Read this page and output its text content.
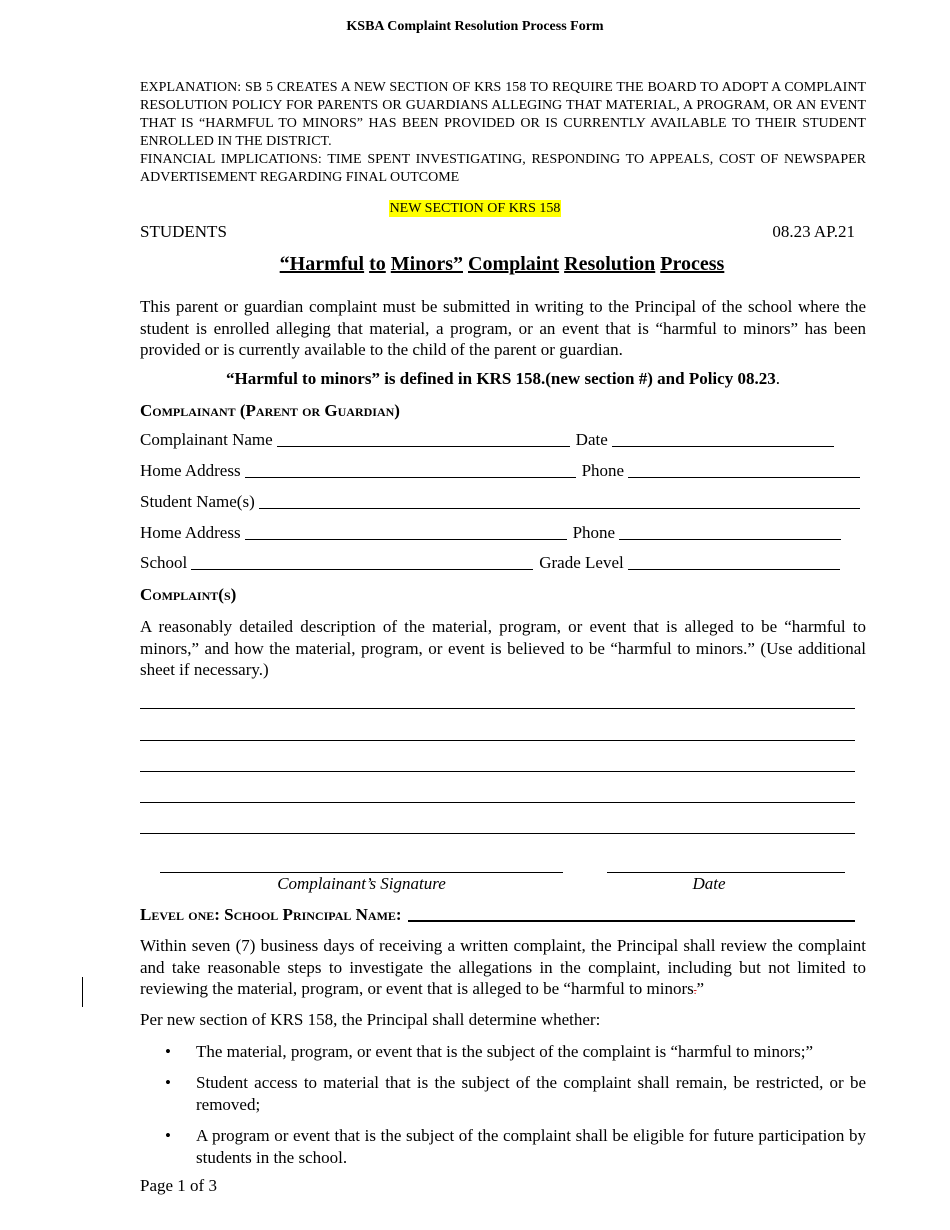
KSBA Complaint Resolution Process Form
EXPLANATION: SB 5 CREATES A NEW SECTION OF KRS 158 TO REQUIRE THE BOARD TO ADOPT A COMPLAINT RESOLUTION POLICY FOR PARENTS OR GUARDIANS ALLEGING THAT MATERIAL, A PROGRAM, OR AN EVENT THAT IS “HARMFUL TO MINORS” HAS BEEN PROVIDED OR IS CURRENTLY AVAILABLE TO THEIR STUDENT ENROLLED IN THE DISTRICT.
FINANCIAL IMPLICATIONS: TIME SPENT INVESTIGATING, RESPONDING TO APPEALS, COST OF NEWSPAPER ADVERTISEMENT REGARDING FINAL OUTCOME
NEW SECTION OF KRS 158
STUDENTS	08.23 AP.21
“Harmful to Minors” Complaint Resolution Process
This parent or guardian complaint must be submitted in writing to the Principal of the school where the student is enrolled alleging that material, a program, or an event that is “harmful to minors” has been provided or is currently available to the child of the parent or guardian.
“Harmful to minors” is defined in KRS 158.(new section #) and Policy 08.23.
Complainant (Parent or Guardian)
Complainant Name	Date
Home Address	Phone
Student Name(s)
Home Address	Phone
School	Grade Level
Complaint(s)
A reasonably detailed description of the material, program, or event that is alleged to be “harmful to minors,” and how the material, program, or event is believed to be “harmful to minors.” (Use additional sheet if necessary.)
Complainant’s Signature	Date
Level one: School Principal Name:
Within seven (7) business days of receiving a written complaint, the Principal shall review the complaint and take reasonable steps to investigate the allegations in the complaint, including but not limited to reviewing the material, program, or event that is alleged to be “harmful to minors.”
Per new section of KRS 158, the Principal shall determine whether:
•	The material, program, or event that is the subject of the complaint is “harmful to minors;”
•	Student access to material that is the subject of the complaint shall remain, be restricted, or be removed;
•	A program or event that is the subject of the complaint shall be eligible for future participation by students in the school.
Page 1 of 3
